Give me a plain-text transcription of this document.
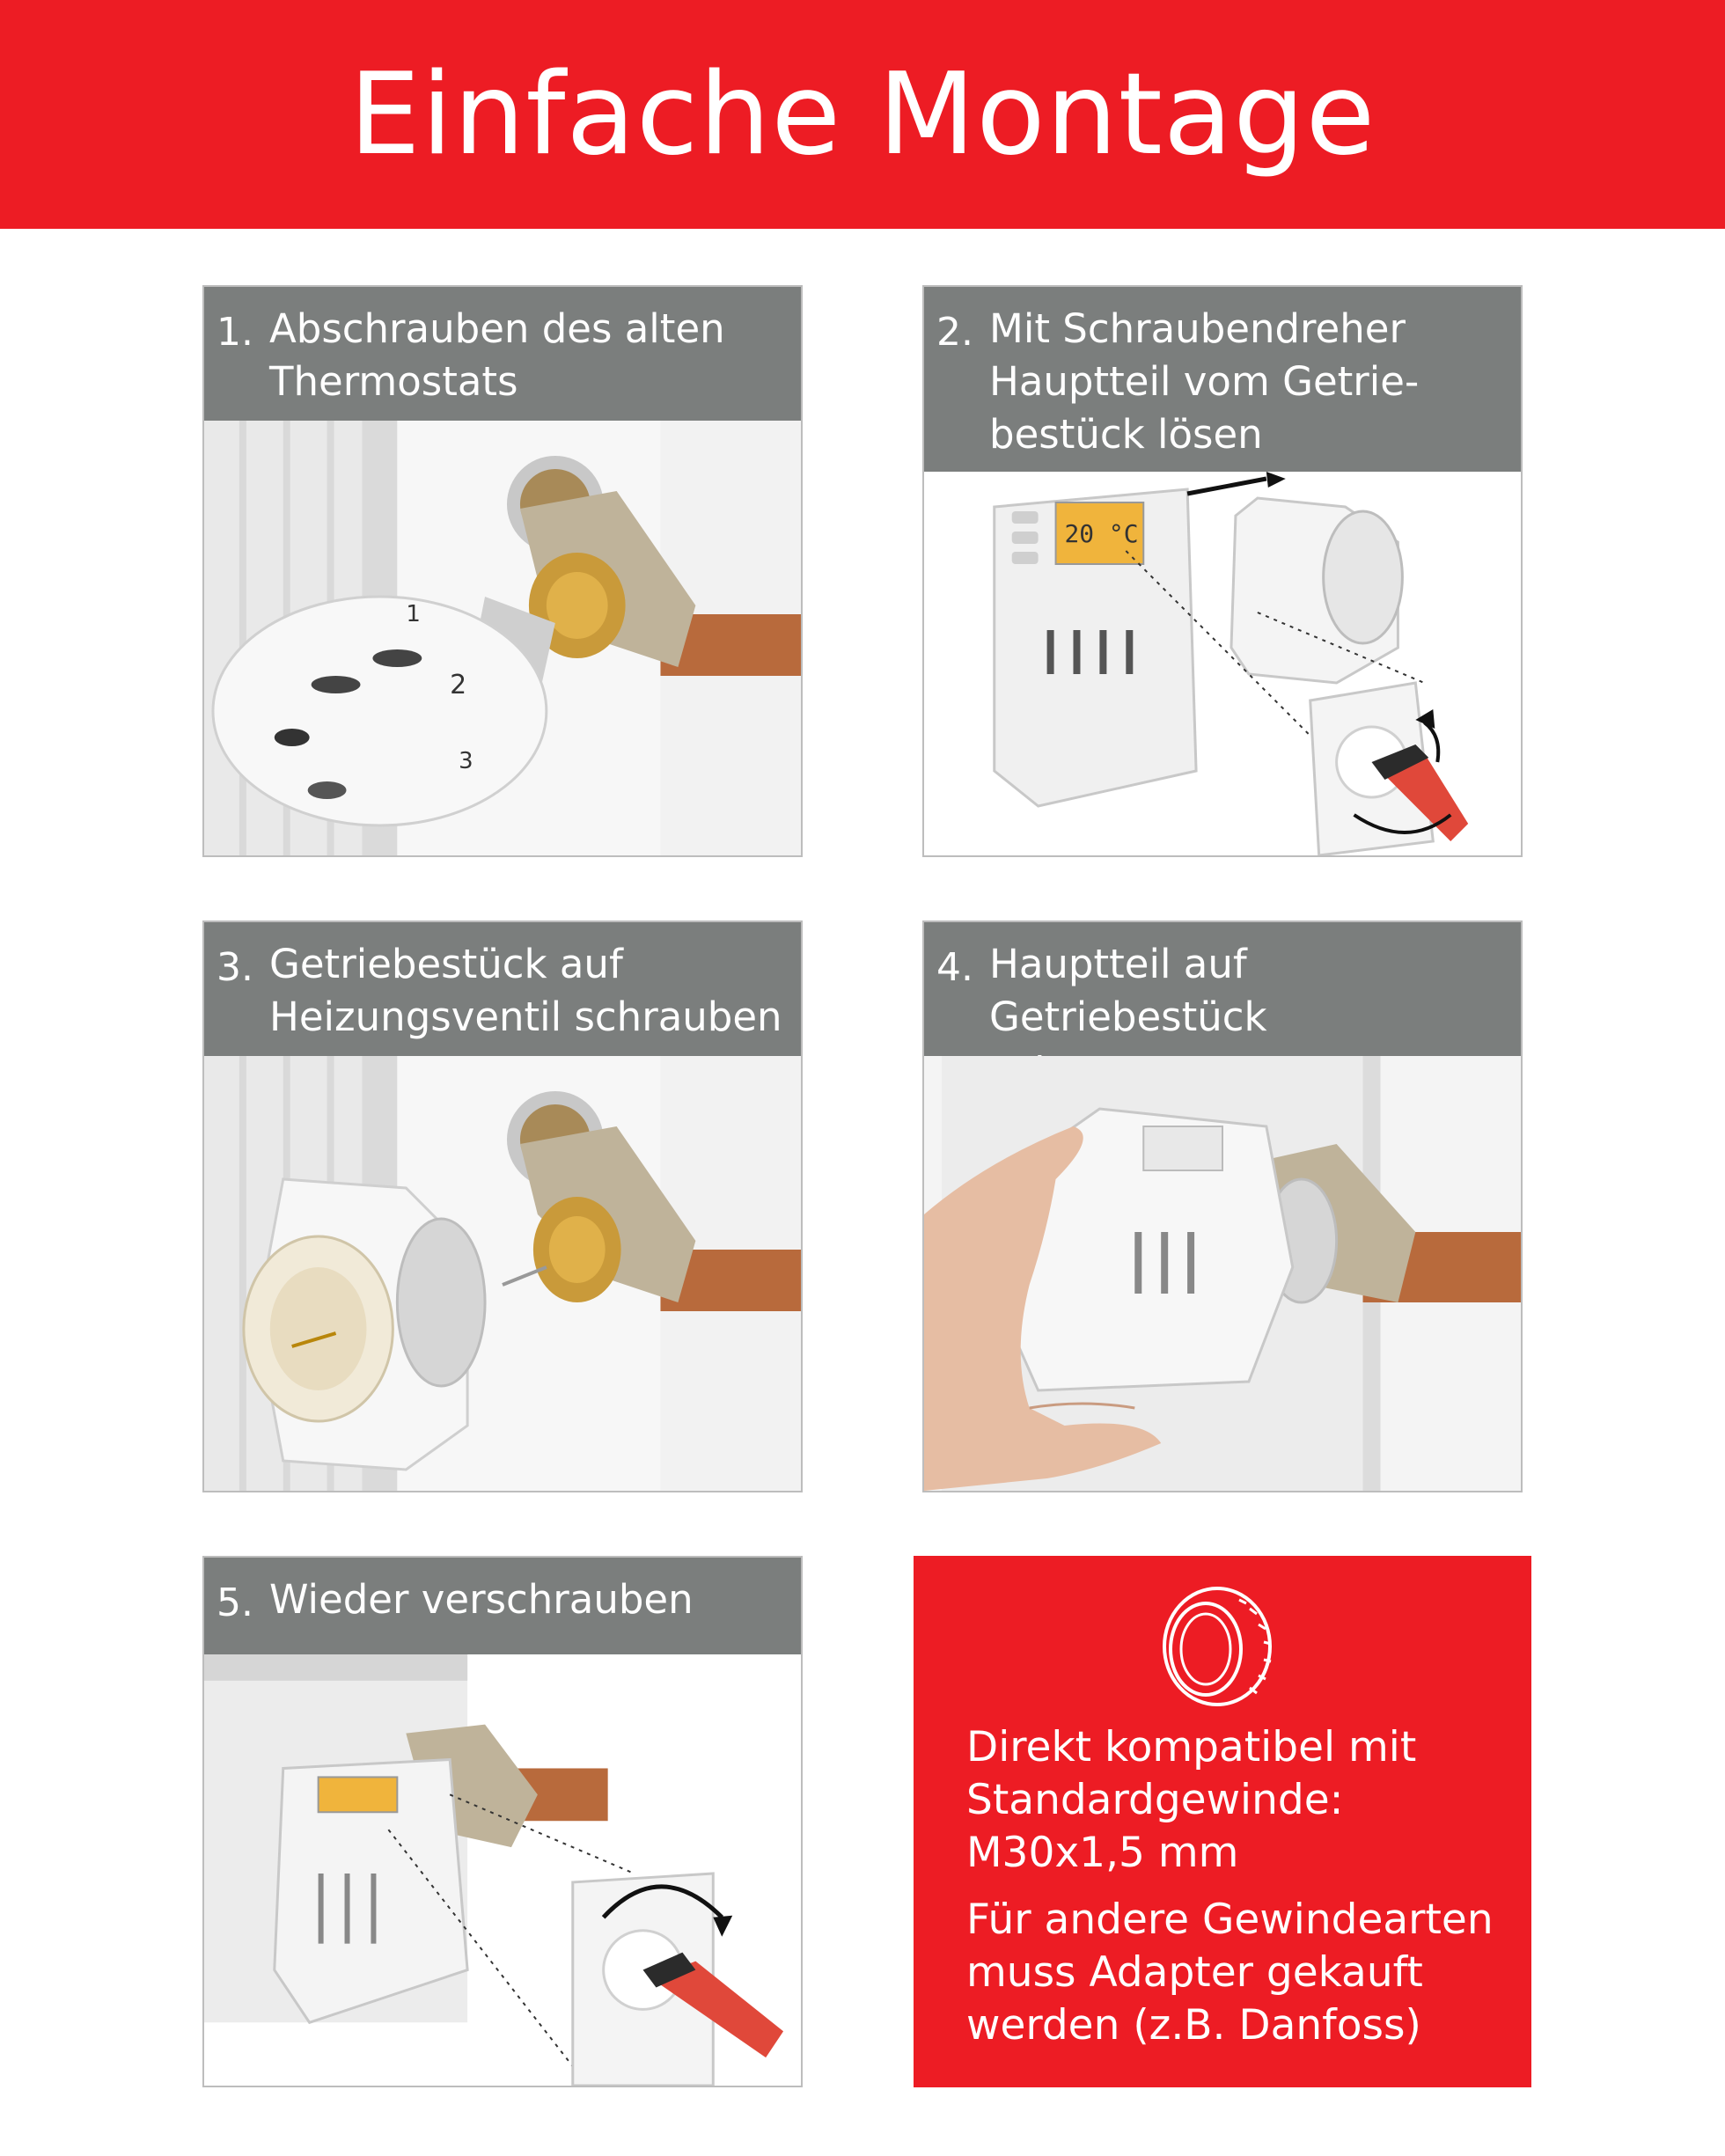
Einfache Montage
1. Abschrauben des alten
Thermostats
1
2
3
2. Mit Schraubendreher
Hauptteil vom Getrie-
bestück lösen
20 °C
3. Getriebestück auf
Heizungsventil schrauben
4. Hauptteil auf Getriebestück

5. Wieder verschrauben
Direkt kompatibel mit
Standardgewinde:
M30x1,5 mm
Für andere Gewindearten
muss Adapter gekauft
werden (z.B. Danfoss)
